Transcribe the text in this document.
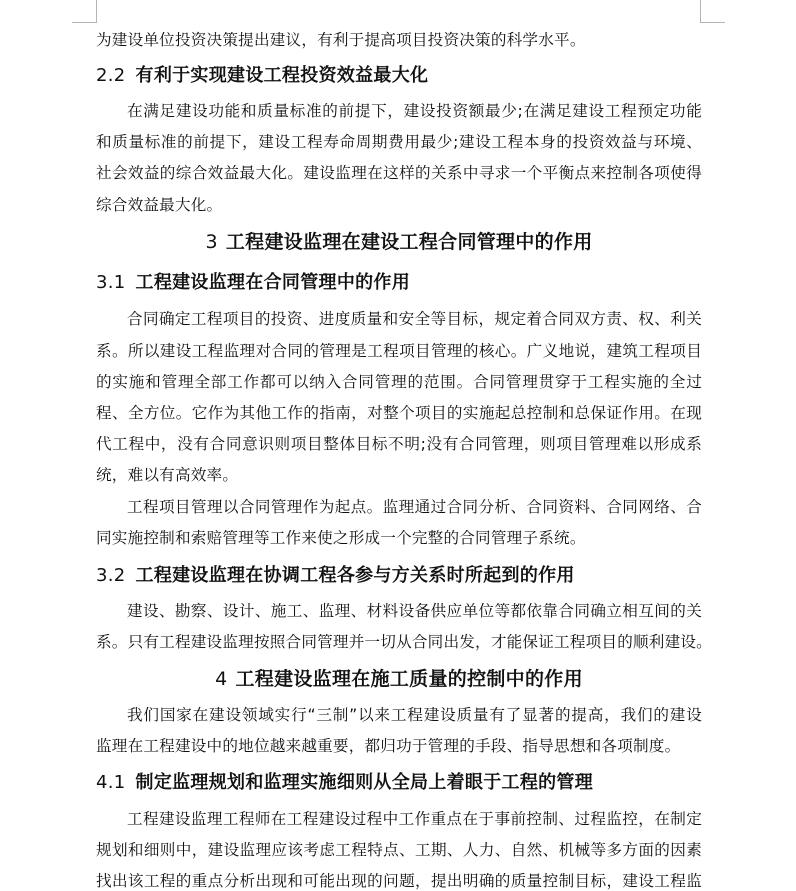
为建设单位投资决策提出建议，有利于提高项目投资决策的科学水平。
2.2 有利于实现建设工程投资效益最大化
在满足建设功能和质量标准的前提下，建设投资额最少;在满足建设工程预定功能
和质量标准的前提下，建设工程寿命周期费用最少;建设工程本身的投资效益与环境、
社会效益的综合效益最大化。建设监理在这样的关系中寻求一个平衡点来控制各项使得
综合效益最大化。
3 工程建设监理在建设工程合同管理中的作用
3.1 工程建设监理在合同管理中的作用
合同确定工程项目的投资、进度质量和安全等目标，规定着合同双方责、权、利关
系。所以建设工程监理对合同的管理是工程项目管理的核心。广义地说，建筑工程项目
的实施和管理全部工作都可以纳入合同管理的范围。合同管理贯穿于工程实施的全过
程、全方位。它作为其他工作的指南，对整个项目的实施起总控制和总保证作用。在现
代工程中，没有合同意识则项目整体目标不明;没有合同管理，则项目管理难以形成系
统，难以有高效率。
工程项目管理以合同管理作为起点。监理通过合同分析、合同资料、合同网络、合
同实施控制和索赔管理等工作来使之形成一个完整的合同管理子系统。
3.2 工程建设监理在协调工程各参与方关系时所起到的作用
建设、勘察、设计、施工、监理、材料设备供应单位等都依靠合同确立相互间的关
系。只有工程建设监理按照合同管理并一切从合同出发，才能保证工程项目的顺利建设。
4 工程建设监理在施工质量的控制中的作用
我们国家在建设领域实行“三制”以来工程建设质量有了显著的提高，我们的建设
监理在工程建设中的地位越来越重要，都归功于管理的手段、指导思想和各项制度。
4.1 制定监理规划和监理实施细则从全局上着眼于工程的管理
工程建设监理工程师在工程建设过程中工作重点在于事前控制、过程监控，在制定
规划和细则中，建设监理应该考虑工程特点、工期、人力、自然、机械等多方面的因素
找出该工程的重点分析出现和可能出现的问题，提出明确的质量控制目标，建设工程监
